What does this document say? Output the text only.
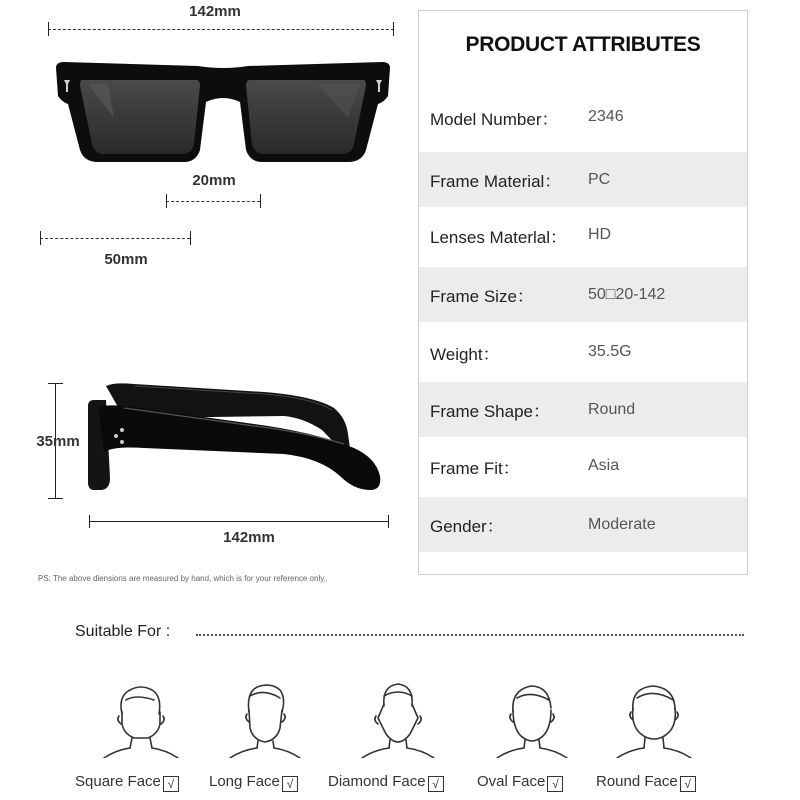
142mm
20mm
50mm
35mm
142mm
PRODUCT ATTRIBUTES
Model Number：	2346
Frame Material：	PC
Lenses Materlal：	HD
Frame Size：	50□20-142
Weight：	35.5G
Frame Shape：	Round
Frame Fit：	Asia
Gender：	Moderate
PS: The above diensions are measured by hand, which is for your reference only。
Suitable For :
Square Face √	Long Face √	Diamond Face √	Oval Face √	Round Face √
